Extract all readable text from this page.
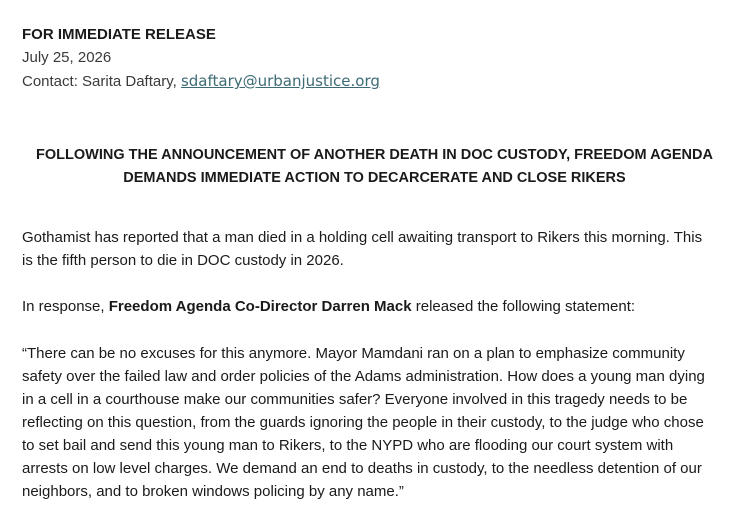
FOR IMMEDIATE RELEASE
July 25, 2026
Contact: Sarita Daftary, sdaftary@urbanjustice.org
FOLLOWING THE ANNOUNCEMENT OF ANOTHER DEATH IN DOC CUSTODY, FREEDOM AGENDA
DEMANDS IMMEDIATE ACTION TO DECARCERATE AND CLOSE RIKERS
Gothamist has reported that a man died in a holding cell awaiting transport to Rikers this morning. This
is the fifth person to die in DOC custody in 2026.
In response, Freedom Agenda Co-Director Darren Mack released the following statement:
“There can be no excuses for this anymore. Mayor Mamdani ran on a plan to emphasize community
safety over the failed law and order policies of the Adams administration. How does a young man dying
in a cell in a courthouse make our communities safer? Everyone involved in this tragedy needs to be
reflecting on this question, from the guards ignoring the people in their custody, to the judge who chose
to set bail and send this young man to Rikers, to the NYPD who are flooding our court system with
arrests on low level charges. We demand an end to deaths in custody, to the needless detention of our
neighbors, and to broken windows policing by any name.”
